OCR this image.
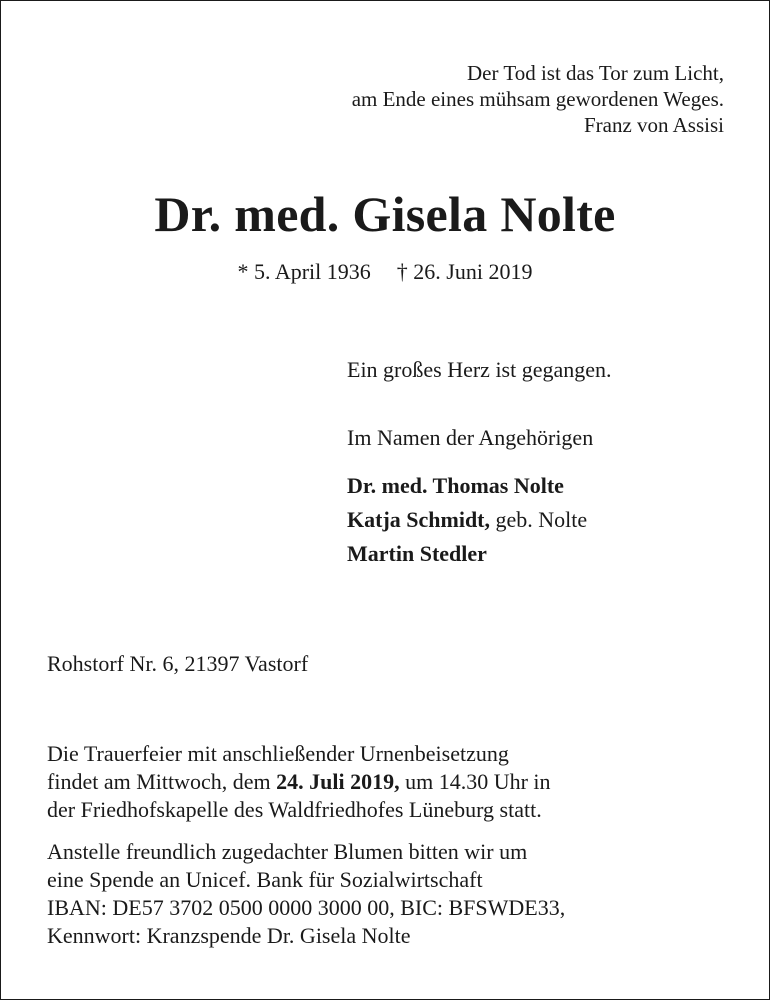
Der Tod ist das Tor zum Licht,
am Ende eines mühsam gewordenen Weges.
Franz von Assisi
Dr. med. Gisela Nolte
* 5. April 1936 † 26. Juni 2019
Ein großes Herz ist gegangen.
Im Namen der Angehörigen
Dr. med. Thomas Nolte
Katja Schmidt, geb. Nolte
Martin Stedler
Rohstorf Nr. 6, 21397 Vastorf
Die Trauerfeier mit anschließender Urnenbeisetzung
findet am Mittwoch, dem 24. Juli 2019, um 14.30 Uhr in
der Friedhofskapelle des Waldfriedhofes Lüneburg statt.
Anstelle freundlich zugedachter Blumen bitten wir um
eine Spende an Unicef. Bank für Sozialwirtschaft
IBAN: DE57 3702 0500 0000 3000 00, BIC: BFSWDE33,
Kennwort: Kranzspende Dr. Gisela Nolte
